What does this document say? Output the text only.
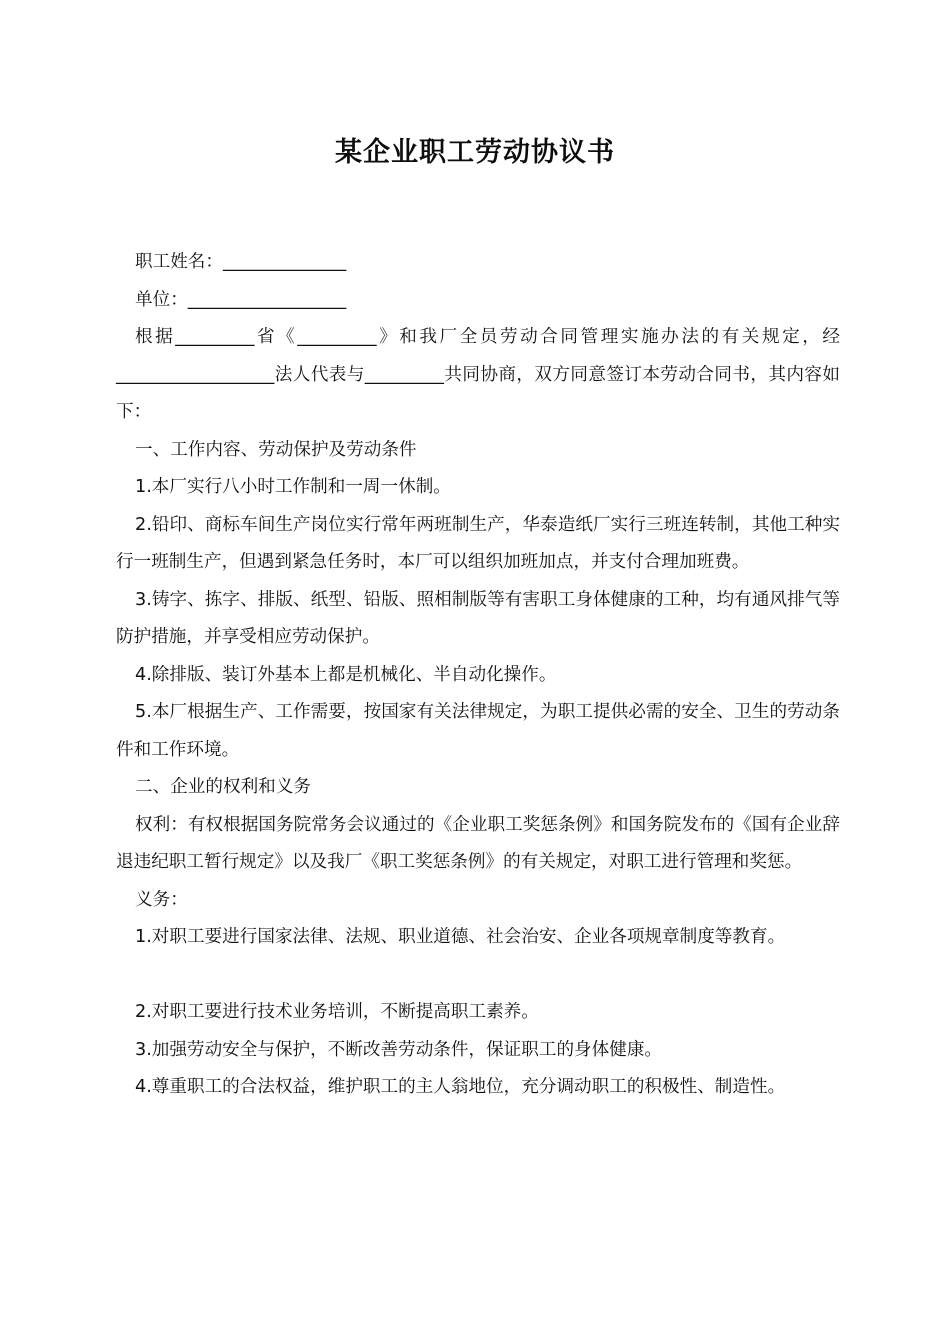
某企业职工劳动协议书

职工姓名：______________

单位：__________________

根据_________省《_________》和我厂全员劳动合同管理实施办法的有关规定，经__________________法人代表与_________共同协商，双方同意签订本劳动合同书，其内容如下：

一、工作内容、劳动保护及劳动条件

1.本厂实行八小时工作制和一周一休制。

2.铅印、商标车间生产岗位实行常年两班制生产，华泰造纸厂实行三班连转制，其他工种实行一班制生产，但遇到紧急任务时，本厂可以组织加班加点，并支付合理加班费。

3.铸字、拣字、排版、纸型、铅版、照相制版等有害职工身体健康的工种，均有通风排气等防护措施，并享受相应劳动保护。

4.除排版、装订外基本上都是机械化、半自动化操作。

5.本厂根据生产、工作需要，按国家有关法律规定，为职工提供必需的安全、卫生的劳动条件和工作环境。

二、企业的权利和义务

权利：有权根据国务院常务会议通过的《企业职工奖惩条例》和国务院发布的《国有企业辞退违纪职工暂行规定》以及我厂《职工奖惩条例》的有关规定，对职工进行管理和奖惩。

义务：

1.对职工要进行国家法律、法规、职业道德、社会治安、企业各项规章制度等教育。

2.对职工要进行技术业务培训，不断提高职工素养。

3.加强劳动安全与保护，不断改善劳动条件，保证职工的身体健康。

4.尊重职工的合法权益，维护职工的主人翁地位，充分调动职工的积极性、制造性。
